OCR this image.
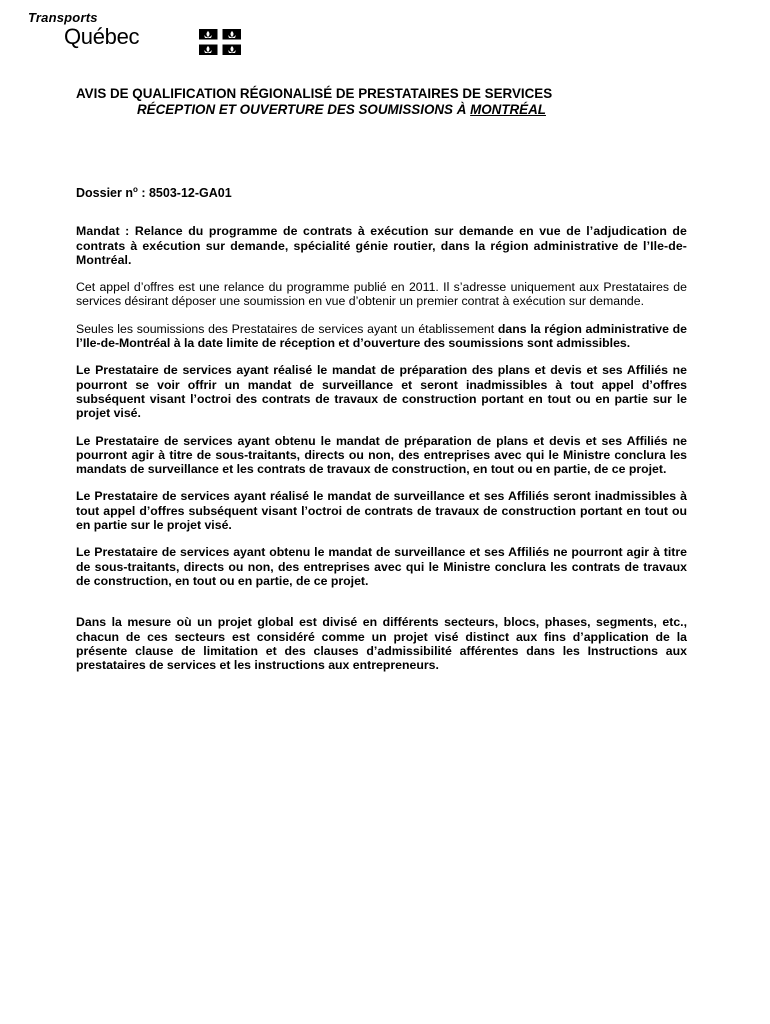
Transports
Québec

AVIS DE QUALIFICATION RÉGIONALISÉ DE PRESTATAIRES DE SERVICES

RÉCEPTION ET OUVERTURE DES SOUMISSIONS À MONTRÉAL

Dossier $n^o$ : 8503-12-GA01

Mandat : Relance du programme de contrats à exécution sur demande en vue de l’adjudication de contrats à exécution sur demande, spécialité génie routier, dans la région administrative de l’Ile-de-Montréal.

Cet appel d’offres est une relance du programme publié en 2011. Il s’adresse uniquement aux Prestataires de services désirant déposer une soumission en vue d’obtenir un premier contrat à exécution sur demande.

Seules les soumissions des Prestataires de services ayant un établissement dans la région administrative de l’Ile-de-Montréal à la date limite de réception et d’ouverture des soumissions sont admissibles.

Le Prestataire de services ayant réalisé le mandat de préparation des plans et devis et ses Affiliés ne pourront se voir offrir un mandat de surveillance et seront inadmissibles à tout appel d’offres subséquent visant l’octroi des contrats de travaux de construction portant en tout ou en partie sur le projet visé.

Le Prestataire de services ayant obtenu le mandat de préparation de plans et devis et ses Affiliés ne pourront agir à titre de sous-traitants, directs ou non, des entreprises avec qui le Ministre conclura les mandats de surveillance et les contrats de travaux de construction, en tout ou en partie, de ce projet.

Le Prestataire de services ayant réalisé le mandat de surveillance et ses Affiliés seront inadmissibles à tout appel d’offres subséquent visant l’octroi de contrats de travaux de construction portant en tout ou en partie sur le projet visé.

Le Prestataire de services ayant obtenu le mandat de surveillance et ses Affiliés ne pourront agir à titre de sous-traitants, directs ou non, des entreprises avec qui le Ministre conclura les contrats de travaux de construction, en tout ou en partie, de ce projet.

Dans la mesure où un projet global est divisé en différents secteurs, blocs, phases, segments, etc., chacun de ces secteurs est considéré comme un projet visé distinct aux fins d’application de la présente clause de limitation et des clauses d’admissibilité afférentes dans les Instructions aux prestataires de services et les instructions aux entrepreneurs.
